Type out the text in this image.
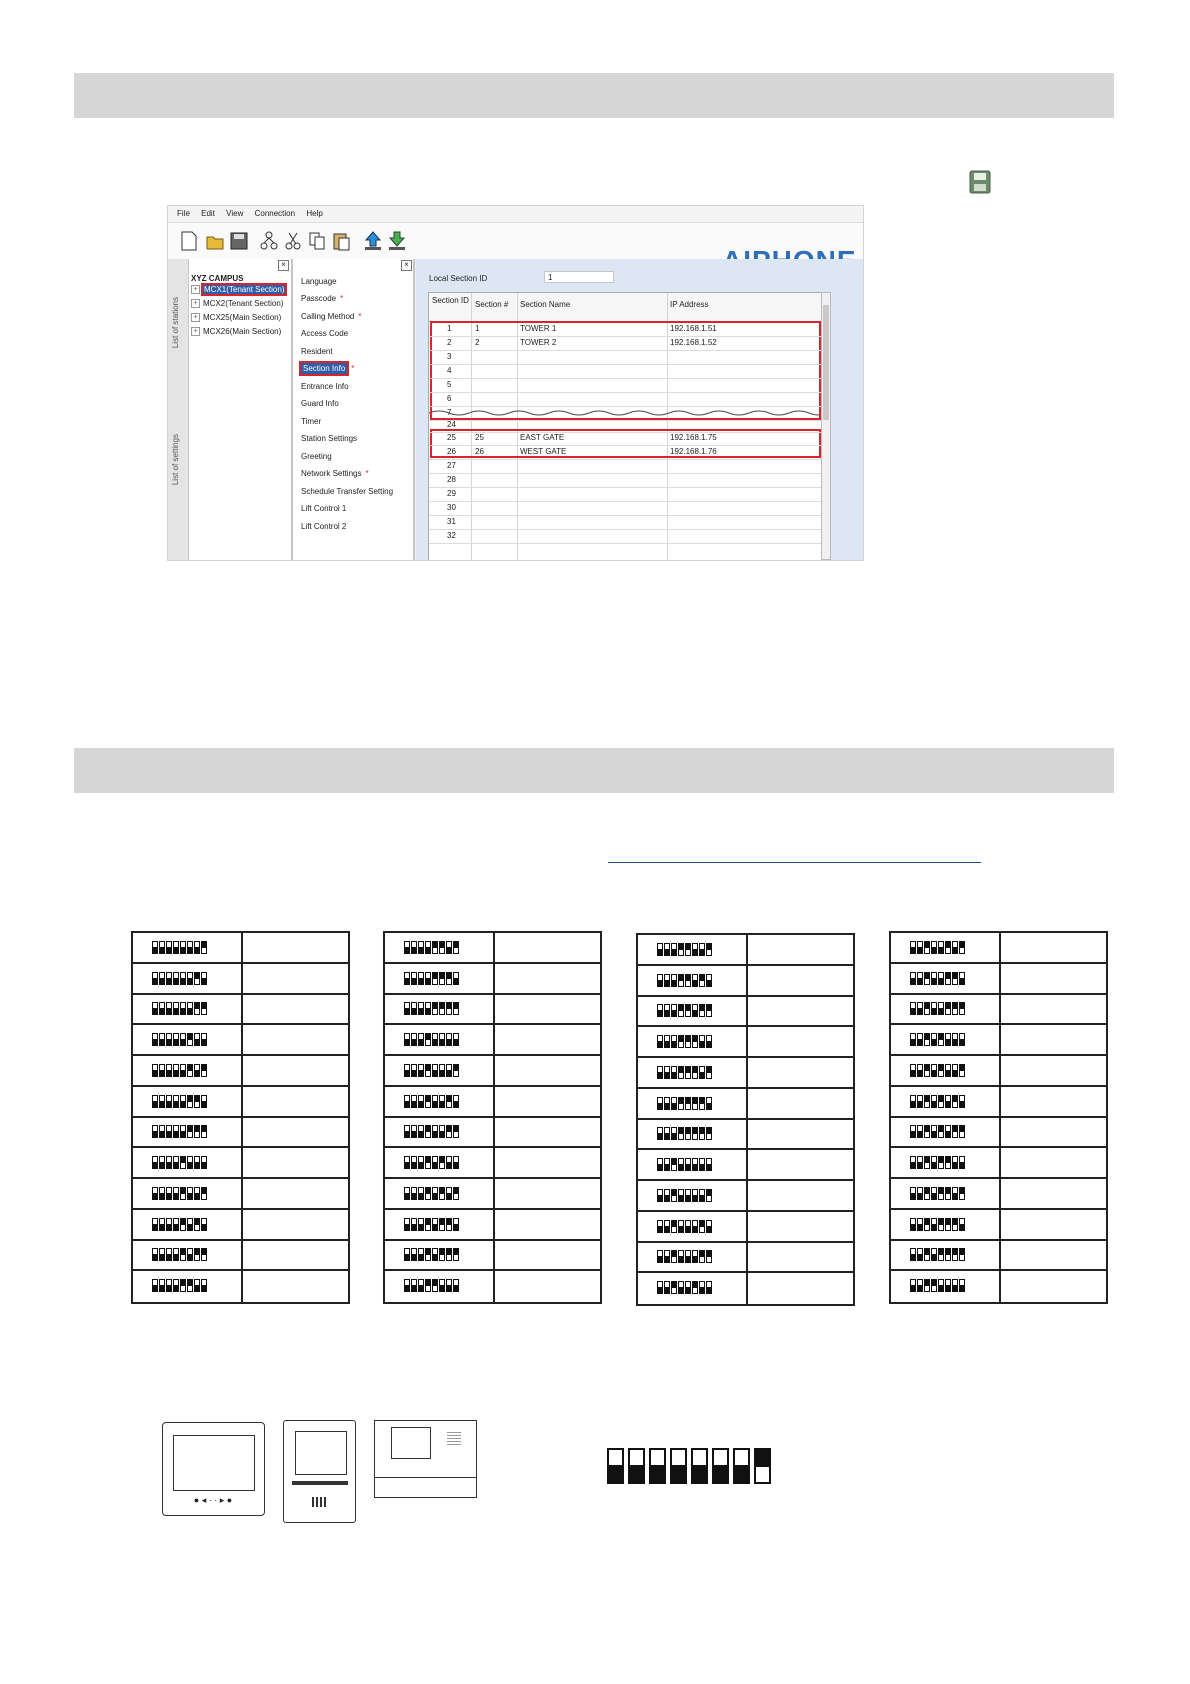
File Edit View Connection Help
List of stations
List of settings
×
XYZ CAMPUS
+ MCX1(Tenant Section)
+ MCX2(Tenant Section)
+ MCX25(Main Section)
+ MCX26(Main Section)
×
Language
Passcode *
Calling Method *
Access Code
Resident
Section Info *
Entrance Info
Guard Info
Timer
Station Settings
Greeting
Network Settings *
Schedule Transfer Setting
Lift Control 1
Lift Control 2
Local Section ID	1
Section ID Section # Section Name	IP Address
1	1	TOWER 1	192.168.1.51
2	2	TOWER 2	192.168.1.52
3
4
5
6
7
24
25 25	EAST GATE	192.168.1.75
26 26	WEST GATE	192.168.1.76
27
28
29
30
31
32
● ◂ · · ▸ ●
